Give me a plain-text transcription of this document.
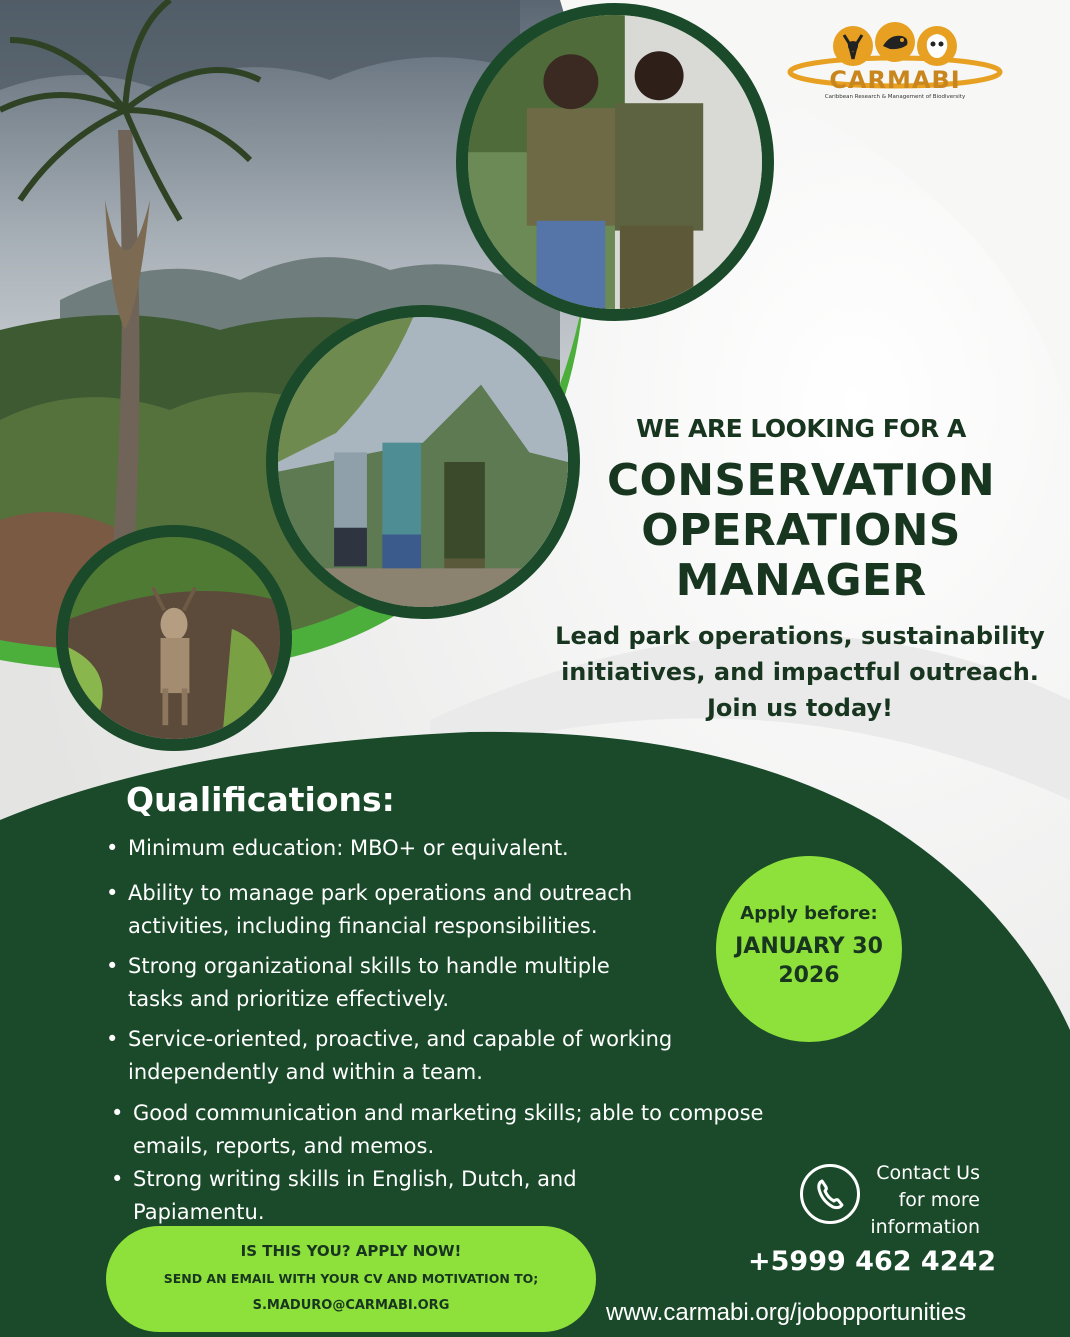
CARMABI
Caribbean Research & Management of Biodiversity
WE ARE LOOKING FOR A
CONSERVATION
OPERATIONS
MANAGER
Lead park operations, sustainability
initiatives, and impactful outreach.
Join us today!
Qualifications:
• Minimum education: MBO+ or equivalent.
• Ability to manage park operations and outreach
activities, including financial responsibilities.
• Strong organizational skills to handle multiple
tasks and prioritize effectively.
• Service-oriented, proactive, and capable of working
independently and within a team.
• Good communication and marketing skills; able to compose
emails, reports, and memos.
• Strong writing skills in English, Dutch, and
Papiamentu.
Apply before:
JANUARY 30
2026
IS THIS YOU? APPLY NOW!
SEND AN EMAIL WITH YOUR CV AND MOTIVATION TO;
S.MADURO@CARMABI.ORG
Contact Us
for more
information
+5999 462 4242
www.carmabi.org/jobopportunities
